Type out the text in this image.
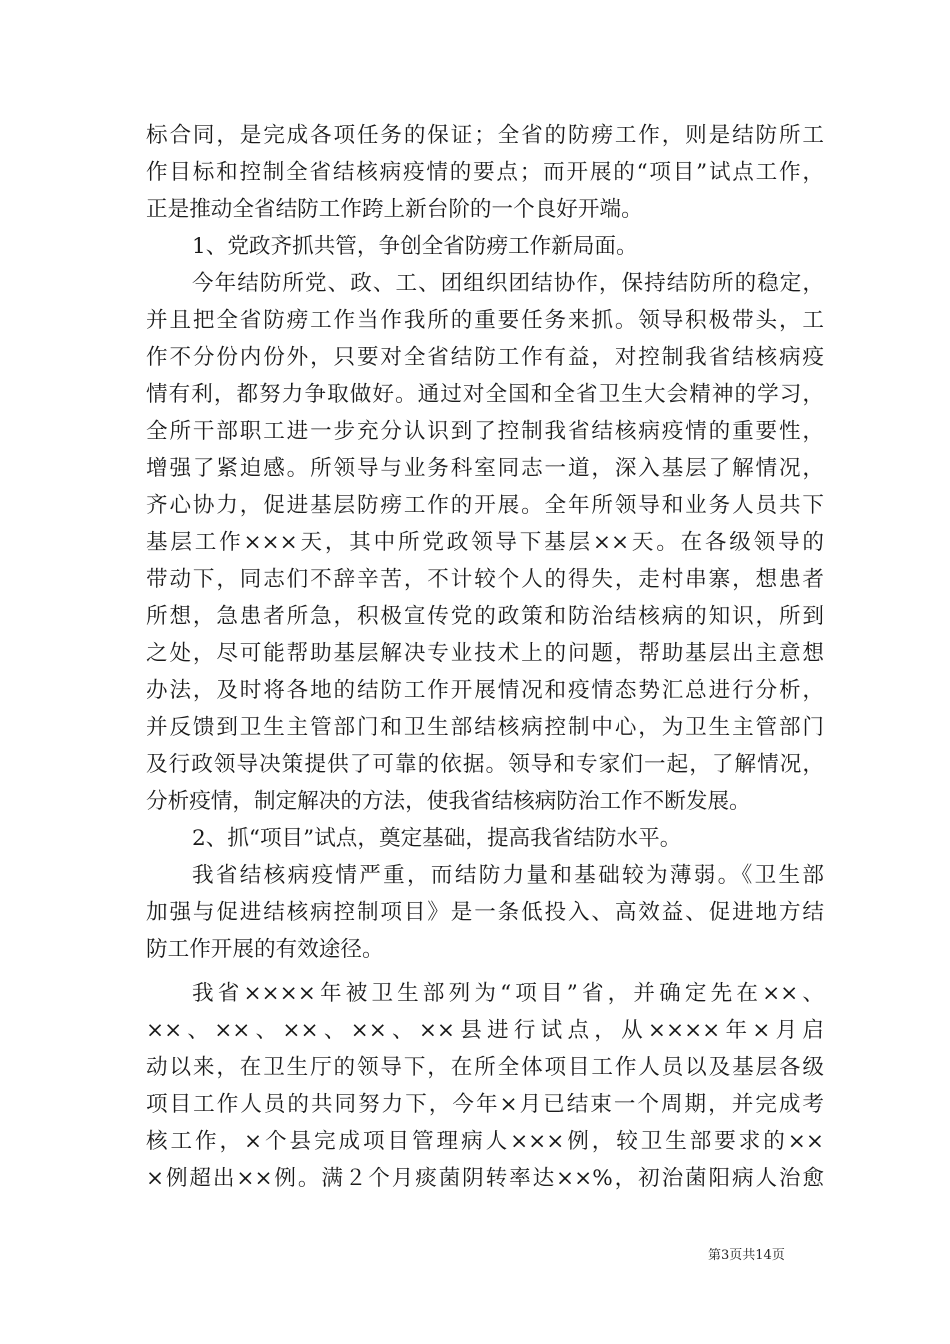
标合同，是完成各项任务的保证；全省的防痨工作，则是结防所工
作目标和控制全省结核病疫情的要点；而开展的“项目”试点工作，
正是推动全省结防工作跨上新台阶的一个良好开端。
1、党政齐抓共管，争创全省防痨工作新局面。
今年结防所党、政、工、团组织团结协作，保持结防所的稳定，
并且把全省防痨工作当作我所的重要任务来抓。领导积极带头，工
作不分份内份外，只要对全省结防工作有益，对控制我省结核病疫
情有利，都努力争取做好。通过对全国和全省卫生大会精神的学习，
全所干部职工进一步充分认识到了控制我省结核病疫情的重要性，
增强了紧迫感。所领导与业务科室同志一道，深入基层了解情况，
齐心协力，促进基层防痨工作的开展。全年所领导和业务人员共下
基层工作×××天，其中所党政领导下基层××天。在各级领导的
带动下，同志们不辞辛苦，不计较个人的得失，走村串寨，想患者
所想，急患者所急，积极宣传党的政策和防治结核病的知识，所到
之处，尽可能帮助基层解决专业技术上的问题，帮助基层出主意想
办法，及时将各地的结防工作开展情况和疫情态势汇总进行分析，
并反馈到卫生主管部门和卫生部结核病控制中心，为卫生主管部门
及行政领导决策提供了可靠的依据。领导和专家们一起，了解情况，
分析疫情，制定解决的方法，使我省结核病防治工作不断发展。
2、抓“项目”试点，奠定基础，提高我省结防水平。
我省结核病疫情严重，而结防力量和基础较为薄弱。《卫生部
加强与促进结核病控制项目》是一条低投入、高效益、促进地方结
防工作开展的有效途径。
我省××××年被卫生部列为“项目”省，并确定先在××、
××、××、××、××、××县进行试点，从××××年×月启
动以来，在卫生厅的领导下，在所全体项目工作人员以及基层各级
项目工作人员的共同努力下，今年×月已结束一个周期，并完成考
核工作，×个县完成项目管理病人×××例，较卫生部要求的××
×例超出××例。满２个月痰菌阴转率达××%，初治菌阳病人治愈
第3页共14页
